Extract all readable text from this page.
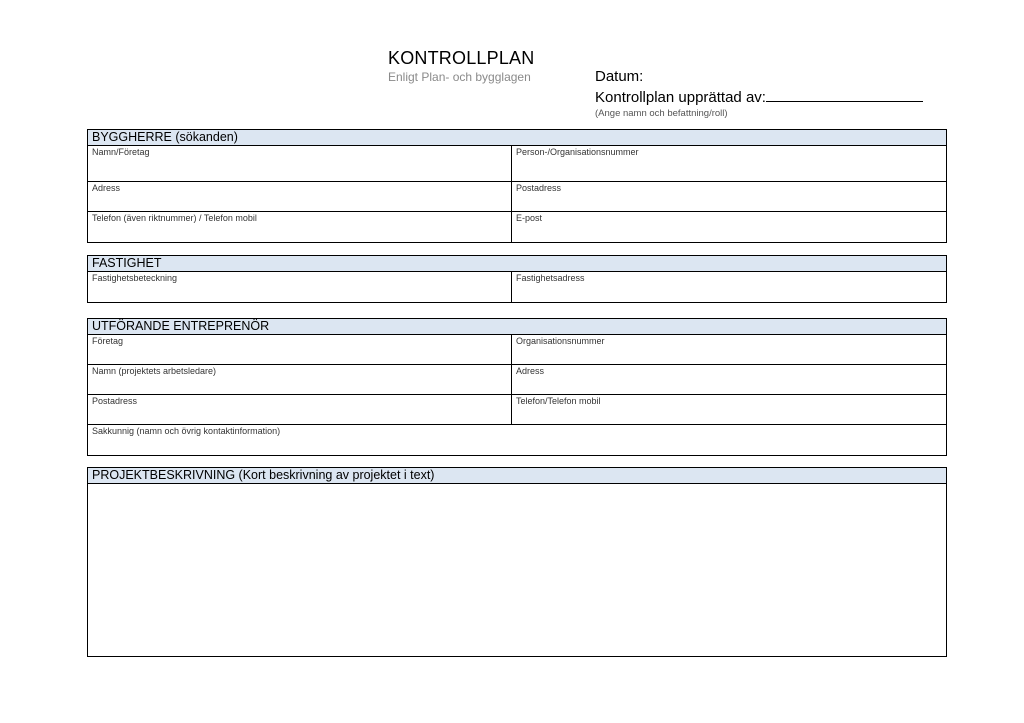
KONTROLLPLAN
Enligt Plan- och bygglagen	Datum:
Kontrollplan upprättad av:
(Ange namn och befattning/roll)
BYGGHERRE (sökanden)
Namn/Företag	Person-/Organisationsnummer
Adress	Postadress
Telefon (även riktnummer) / Telefon mobil	E-post
FASTIGHET
Fastighetsbeteckning	Fastighetsadress
UTFÖRANDE ENTREPRENÖR
Företag	Organisationsnummer
Namn (projektets arbetsledare)	Adress
Postadress	Telefon/Telefon mobil
Sakkunnig (namn och övrig kontaktinformation)
PROJEKTBESKRIVNING (Kort beskrivning av projektet i text)
